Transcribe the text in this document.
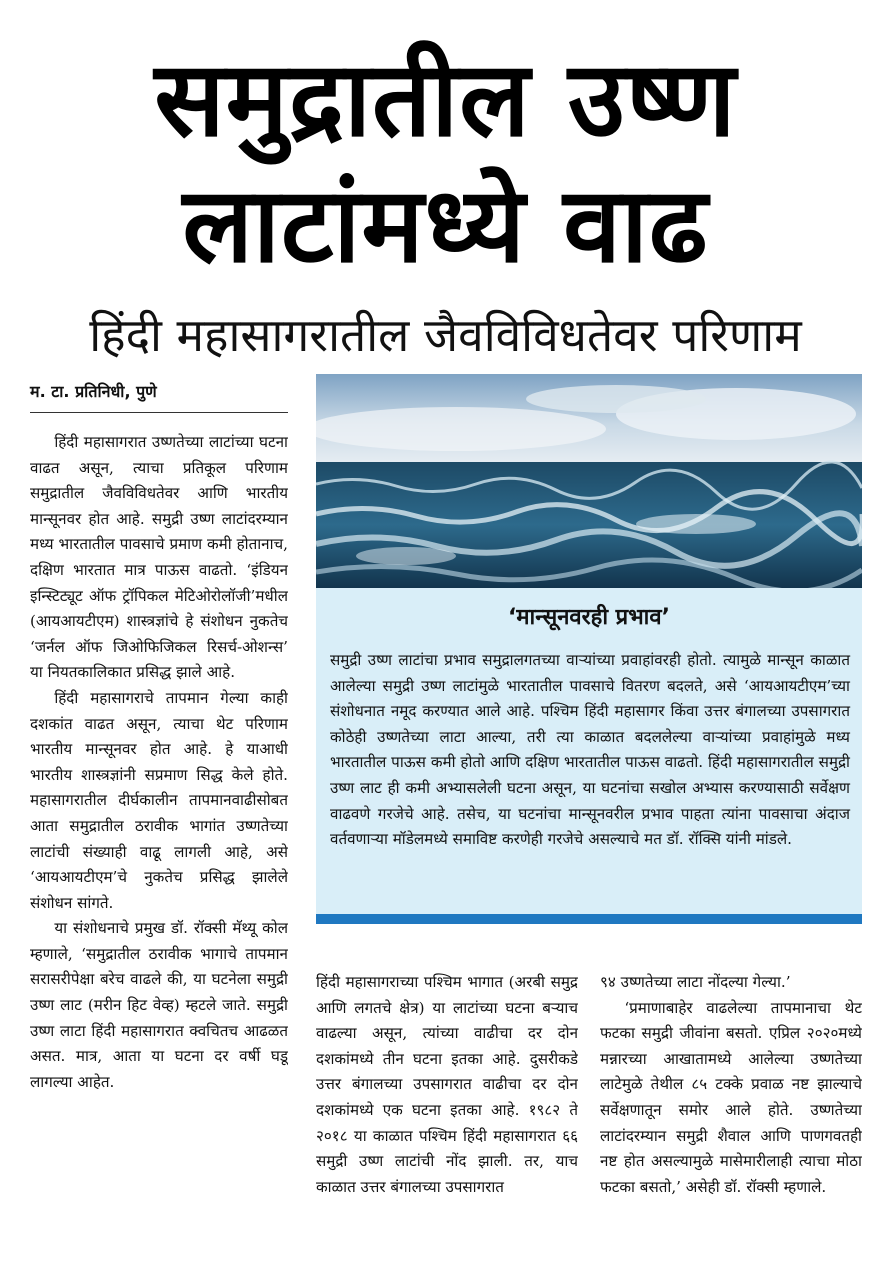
समुद्रातील उष्ण
लाटांमध्ये वाढ
हिंदी महासागरातील जैवविविधतेवर परिणाम
म. टा. प्रतिनिधी, पुणे

हिंदी महासागरात उष्णतेच्या लाटांच्या घटना वाढत असून, त्याचा प्रतिकूल परिणाम समुद्रातील जैवविविधतेवर आणि भारतीय मान्सूनवर होत आहे. समुद्री उष्ण लाटांदरम्यान मध्य भारतातील पावसाचे प्रमाण कमी होतानाच, दक्षिण भारतात मात्र पाऊस वाढतो. ‘इंडियन इन्स्टिट्यूट ऑफ ट्रॉपिकल मेटिओरोलॉजी’मधील (आयआयटीएम) शास्त्रज्ञांचे हे संशोधन नुकतेच ‘जर्नल ऑफ जिओफिजिकल रिसर्च-ओशन्स’ या नियतकालिकात प्रसिद्ध झाले आहे.

हिंदी महासागराचे तापमान गेल्या काही दशकांत वाढत असून, त्याचा थेट परिणाम भारतीय मान्सूनवर होत आहे. हे याआधी भारतीय शास्त्रज्ञांनी सप्रमाण सिद्ध केले होते. महासागरातील दीर्घकालीन तापमानवाढीसोबत आता समुद्रातील ठरावीक भागांत उष्णतेच्या लाटांची संख्याही वाढू लागली आहे, असे ‘आयआयटीएम’चे नुकतेच प्रसिद्ध झालेले संशोधन सांगते.

या संशोधनाचे प्रमुख डॉ. रॉक्सी मॅथ्यू कोल म्हणाले, ‘समुद्रातील ठरावीक भागाचे तापमान सरासरीपेक्षा बरेच वाढले की, या घटनेला समुद्री उष्ण लाट (मरीन हिट वेव्ह) म्हटले जाते. समुद्री उष्ण लाटा हिंदी महासागरात क्वचितच आढळत असत. मात्र, आता या घटना दर वर्षी घडू लागल्या आहेत.

‘मान्सूनवरही प्रभाव’
समुद्री उष्ण लाटांचा प्रभाव समुद्रालगतच्या वाऱ्यांच्या प्रवाहांवरही होतो. त्यामुळे मान्सून काळात आलेल्या समुद्री उष्ण लाटांमुळे भारतातील पावसाचे वितरण बदलते, असे ‘आयआयटीएम’च्या संशोधनात नमूद करण्यात आले आहे. पश्चिम हिंदी महासागर किंवा उत्तर बंगालच्या उपसागरात कोठेही उष्णतेच्या लाटा आल्या, तरी त्या काळात बदललेल्या वाऱ्यांच्या प्रवाहांमुळे मध्य भारतातील पाऊस कमी होतो आणि दक्षिण भारतातील पाऊस वाढतो. हिंदी महासागरातील समुद्री उष्ण लाट ही कमी अभ्यासलेली घटना असून, या घटनांचा सखोल अभ्यास करण्यासाठी सर्वेक्षण वाढवणे गरजेचे आहे. तसेच, या घटनांचा मान्सूनवरील प्रभाव पाहता त्यांना पावसाचा अंदाज वर्तवणाऱ्या मॉडेलमध्ये समाविष्ट करणेही गरजेचे असल्याचे मत डॉ. रॉक्सि यांनी मांडले.

हिंदी महासागराच्या पश्चिम भागात (अरबी समुद्र आणि लगतचे क्षेत्र) या लाटांच्या घटना बऱ्याच वाढल्या असून, त्यांच्या वाढीचा दर दोन दशकांमध्ये तीन घटना इतका आहे. दुसरीकडे उत्तर बंगालच्या उपसागरात वाढीचा दर दोन दशकांमध्ये एक घटना इतका आहे. १९८२ ते २०१८ या काळात पश्चिम हिंदी महासागरात ६६ समुद्री उष्ण लाटांची नोंद झाली. तर, याच काळात उत्तर बंगालच्या उपसागरात

९४ उष्णतेच्या लाटा नोंदल्या गेल्या.’

‘प्रमाणाबाहेर वाढलेल्या तापमानाचा थेट फटका समुद्री जीवांना बसतो. एप्रिल २०२०मध्ये मन्नारच्या आखातामध्ये आलेल्या उष्णतेच्या लाटेमुळे तेथील ८५ टक्के प्रवाळ नष्ट झाल्याचे सर्वेक्षणातून समोर आले होते. उष्णतेच्या लाटांदरम्यान समुद्री शैवाल आणि पाणगवतही नष्ट होत असल्यामुळे मासेमारीलाही त्याचा मोठा फटका बसतो,’ असेही डॉ. रॉक्सी म्हणाले.
